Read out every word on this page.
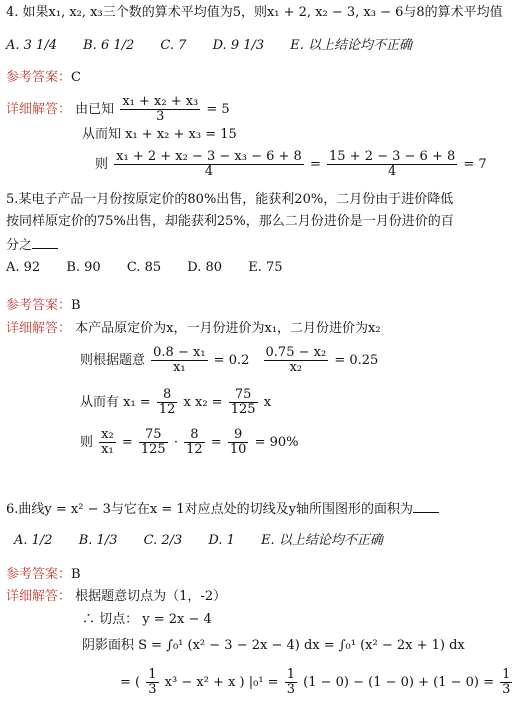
4. 如果x₁, x₂, x₃三个数的算术平均值为5，则x₁ + 2, x₂ − 3, x₃ − 6与8的算术平均值
A. 3 1/4 B. 6 1/2 C. 7 D. 9 1/3 E. 以上结论均不正确
参考答案：C
详细解答： 由已知 $\frac{\text{x₁ + x₂ + x₃}}{3} = 5$
从而知 x₁ + x₂ + x₃ = 15
则 $\frac{\text{x₁ + 2 + x₂ − 3 − x₃ − 6 + 8}}{4} = \frac{15 + 2 - 3 - 6 + 8}{4} = 7$
5.某电子产品一月份按原定价的80%出售，能获利20%，二月份由于进价降低
按同样原定价的75%出售，却能获利25%，那么二月份进价是一月份进价的百
分之
A. 92 B. 90 C. 85 D. 80 E. 75
参考答案：B
详细解答： 本产品原定价为x，一月份进价为x₁，二月份进价为x₂
则根据题意 $\frac{\text{0.8 − x₁}}{\text{x₁}} = 0.2 \frac{\text{0.75 − x₂}}{\text{x₂}} = 0.25$
从而有 $x_1 = \frac{8}{12}$ x $x_2 = \frac{75}{125}$ x
则 $\frac{\text{x₂}}{\text{x₁}} = \frac{75}{125} \cdot \frac{8}{12} = \frac{9}{10} = 90\%$
6.曲线y = x² − 3与它在x = 1对应点处的切线及y轴所围图形的面积为
A. 1/2 B. 1/3 C. 2/3 D. 1 E. 以上结论均不正确
参考答案：B
详细解答： 根据题意切点为（1，-2）
∴ 切点： y = 2x − 4
阴影面积 S = ∫₀¹ (x² − 3 − 2x − 4) dx = ∫₀¹ (x² − 2x + 1) dx
= ( $\frac{1}{3} x^3 - x^2 + x$ ) $|_0^1 = \frac{1}{3} (1 - 0) - (1 - 0) + (1 - 0) = \frac{1}{3}$
